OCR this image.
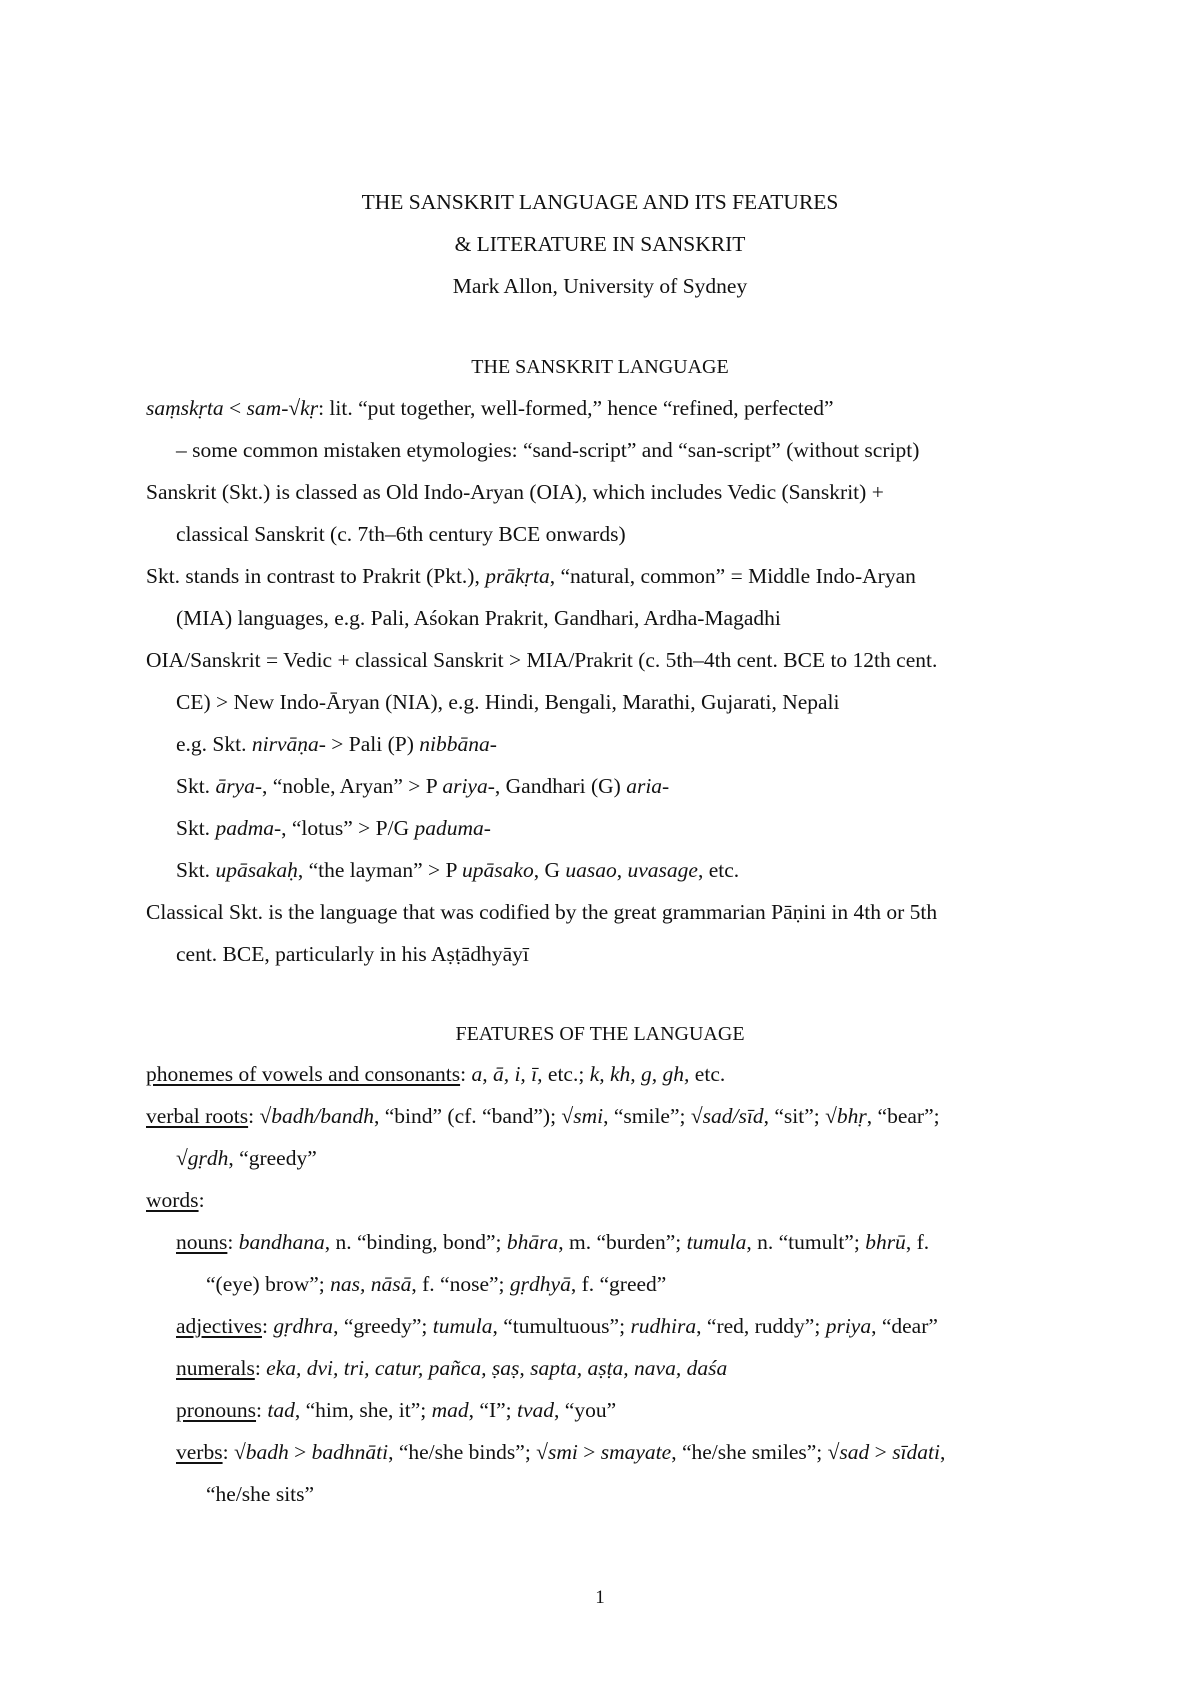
THE SANSKRIT LANGUAGE AND ITS FEATURES
& LITERATURE IN SANSKRIT
Mark Allon, University of Sydney
THE SANSKRIT LANGUAGE
saṃskṛta < sam-√kṛ: lit. “put together, well-formed,” hence “refined, perfected”
– some common mistaken etymologies: “sand-script” and “san-script” (without script)
Sanskrit (Skt.) is classed as Old Indo-Aryan (OIA), which includes Vedic (Sanskrit) +
classical Sanskrit (c. 7th–6th century BCE onwards)
Skt. stands in contrast to Prakrit (Pkt.), prākṛta, “natural, common” = Middle Indo-Aryan
(MIA) languages, e.g. Pali, Aśokan Prakrit, Gandhari, Ardha-Magadhi
OIA/Sanskrit = Vedic + classical Sanskrit > MIA/Prakrit (c. 5th–4th cent. BCE to 12th cent.
CE) > New Indo-Āryan (NIA), e.g. Hindi, Bengali, Marathi, Gujarati, Nepali
e.g. Skt. nirvāṇa- > Pali (P) nibbāna-
Skt. ārya-, “noble, Aryan” > P ariya-, Gandhari (G) aria-
Skt. padma-, “lotus” > P/G paduma-
Skt. upāsakaḥ, “the layman” > P upāsako, G uasao, uvasage, etc.
Classical Skt. is the language that was codified by the great grammarian Pāṇini in 4th or 5th
cent. BCE, particularly in his Aṣṭādhyāyī
FEATURES OF THE LANGUAGE
phonemes of vowels and consonants: a, ā, i, ī, etc.; k, kh, g, gh, etc.
verbal roots: √badh/bandh, “bind” (cf. “band”); √smi, “smile”; √sad/sīd, “sit”; √bhṛ, “bear”;
√gṛdh, “greedy”
words:
nouns: bandhana, n. “binding, bond”; bhāra, m. “burden”; tumula, n. “tumult”; bhrū, f.
“(eye) brow”; nas, nāsā, f. “nose”; gṛdhyā, f. “greed”
adjectives: gṛdhra, “greedy”; tumula, “tumultuous”; rudhira, “red, ruddy”; priya, “dear”
numerals: eka, dvi, tri, catur, pañca, ṣaṣ, sapta, aṣṭa, nava, daśa
pronouns: tad, “him, she, it”; mad, “I”; tvad, “you”
verbs: √badh > badhnāti, “he/she binds”; √smi > smayate, “he/she smiles”; √sad > sīdati,
“he/she sits”
1
